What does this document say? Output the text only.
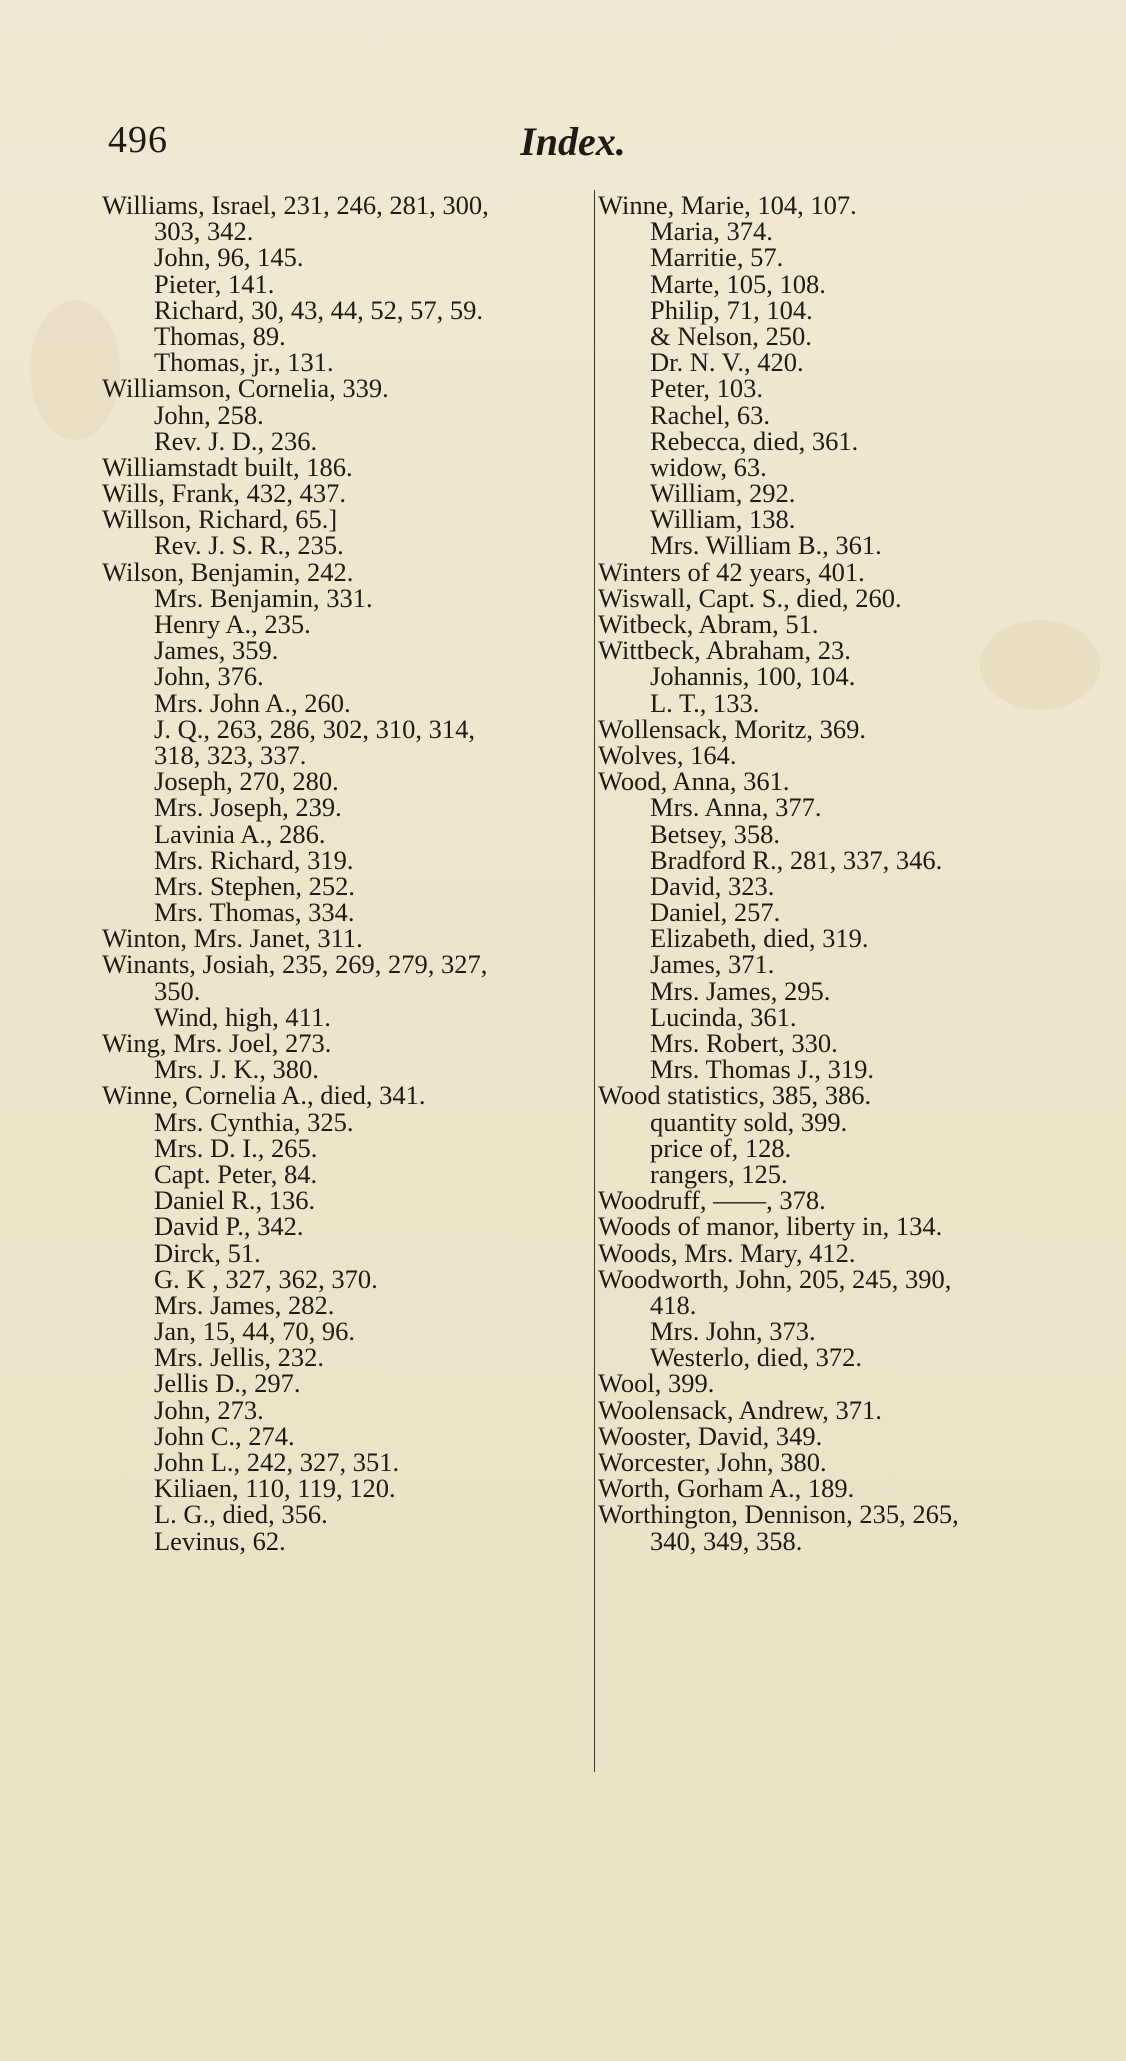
496	Index.
Williams, Israel, 231, 246, 281, 300,
303, 342.
John, 96, 145.
Pieter, 141.
Richard, 30, 43, 44, 52, 57, 59.
Thomas, 89.
Thomas, jr., 131.
Williamson, Cornelia, 339.
John, 258.
Rev. J. D., 236.
Williamstadt built, 186.
Wills, Frank, 432, 437.
Willson, Richard, 65.]
Rev. J. S. R., 235.
Wilson, Benjamin, 242.
Mrs. Benjamin, 331.
Henry A., 235.
James, 359.
John, 376.
Mrs. John A., 260.
J. Q., 263, 286, 302, 310, 314,
318, 323, 337.
Joseph, 270, 280.
Mrs. Joseph, 239.
Lavinia A., 286.
Mrs. Richard, 319.
Mrs. Stephen, 252.
Mrs. Thomas, 334.
Winton, Mrs. Janet, 311.
Winants, Josiah, 235, 269, 279, 327,
350.
Wind, high, 411.
Wing, Mrs. Joel, 273.
Mrs. J. K., 380.
Winne, Cornelia A., died, 341.
Mrs. Cynthia, 325.
Mrs. D. I., 265.
Capt. Peter, 84.
Daniel R., 136.
David P., 342.
Dirck, 51.
G. K , 327, 362, 370.
Mrs. James, 282.
Jan, 15, 44, 70, 96.
Mrs. Jellis, 232.
Jellis D., 297.
John, 273.
John C., 274.
John L., 242, 327, 351.
Kiliaen, 110, 119, 120.
L. G., died, 356.
Levinus, 62.
Winne, Marie, 104, 107.
Maria, 374.
Marritie, 57.
Marte, 105, 108.
Philip, 71, 104.
& Nelson, 250.
Dr. N. V., 420.
Peter, 103.
Rachel, 63.
Rebecca, died, 361.
widow, 63.
William, 292.
William, 138.
Mrs. William B., 361.
Winters of 42 years, 401.
Wiswall, Capt. S., died, 260.
Witbeck, Abram, 51.
Wittbeck, Abraham, 23.
Johannis, 100, 104.
L. T., 133.
Wollensack, Moritz, 369.
Wolves, 164.
Wood, Anna, 361.
Mrs. Anna, 377.
Betsey, 358.
Bradford R., 281, 337, 346.
David, 323.
Daniel, 257.
Elizabeth, died, 319.
James, 371.
Mrs. James, 295.
Lucinda, 361.
Mrs. Robert, 330.
Mrs. Thomas J., 319.
Wood statistics, 385, 386.
quantity sold, 399.
price of, 128.
rangers, 125.
Woodruff, ——, 378.
Woods of manor, liberty in, 134.
Woods, Mrs. Mary, 412.
Woodworth, John, 205, 245, 390,
418.
Mrs. John, 373.
Westerlo, died, 372.
Wool, 399.
Woolensack, Andrew, 371.
Wooster, David, 349.
Worcester, John, 380.
Worth, Gorham A., 189.
Worthington, Dennison, 235, 265,
340, 349, 358.
